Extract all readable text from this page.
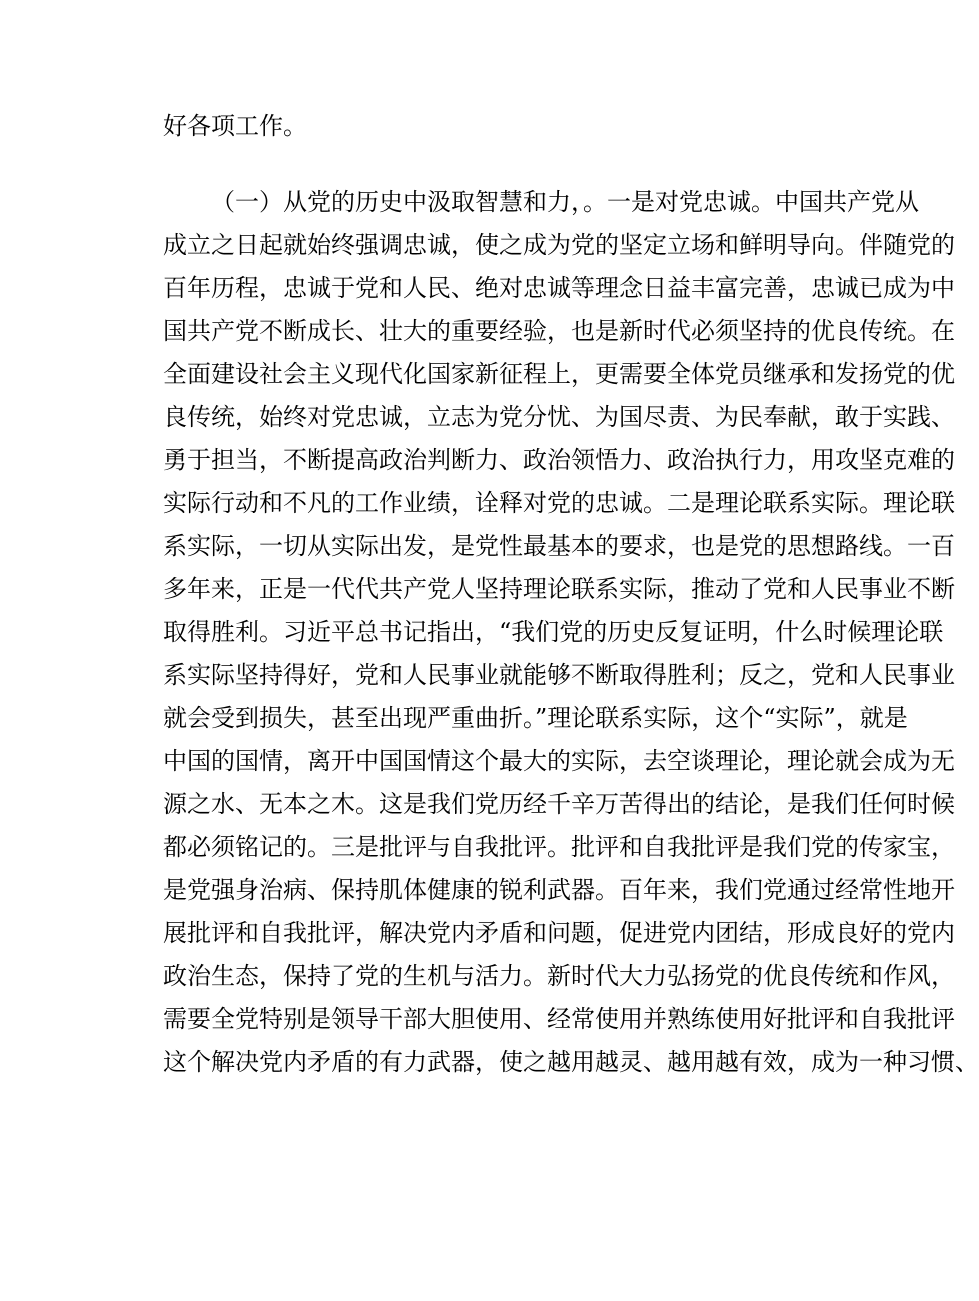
好各项工作。
（一）从党的历史中汲取智慧和力，。一是对党忠诚。中国共产党从
成立之日起就始终强调忠诚，使之成为党的坚定立场和鲜明导向。伴随党的
百年历程，忠诚于党和人民、绝对忠诚等理念日益丰富完善，忠诚已成为中
国共产党不断成长、壮大的重要经验，也是新时代必须坚持的优良传统。在
全面建设社会主义现代化国家新征程上，更需要全体党员继承和发扬党的优
良传统，始终对党忠诚，立志为党分忧、为国尽责、为民奉献，敢于实践、
勇于担当，不断提高政治判断力、政治领悟力、政治执行力，用攻坚克难的
实际行动和不凡的工作业绩，诠释对党的忠诚。二是理论联系实际。理论联
系实际，一切从实际出发，是党性最基本的要求，也是党的思想路线。一百
多年来，正是一代代共产党人坚持理论联系实际，推动了党和人民事业不断
取得胜利。习近平总书记指出，“我们党的历史反复证明，什么时候理论联
系实际坚持得好，党和人民事业就能够不断取得胜利；反之，党和人民事业
就会受到损失，甚至出现严重曲折。”理论联系实际，这个“实际”，就是
中国的国情，离开中国国情这个最大的实际，去空谈理论，理论就会成为无
源之水、无本之木。这是我们党历经千辛万苦得出的结论，是我们任何时候
都必须铭记的。三是批评与自我批评。批评和自我批评是我们党的传家宝，
是党强身治病、保持肌体健康的锐利武器。百年来，我们党通过经常性地开
展批评和自我批评，解决党内矛盾和问题，促进党内团结，形成良好的党内
政治生态，保持了党的生机与活力。新时代大力弘扬党的优良传统和作风，
需要全党特别是领导干部大胆使用、经常使用并熟练使用好批评和自我批评
这个解决党内矛盾的有力武器，使之越用越灵、越用越有效，成为一种习惯、
